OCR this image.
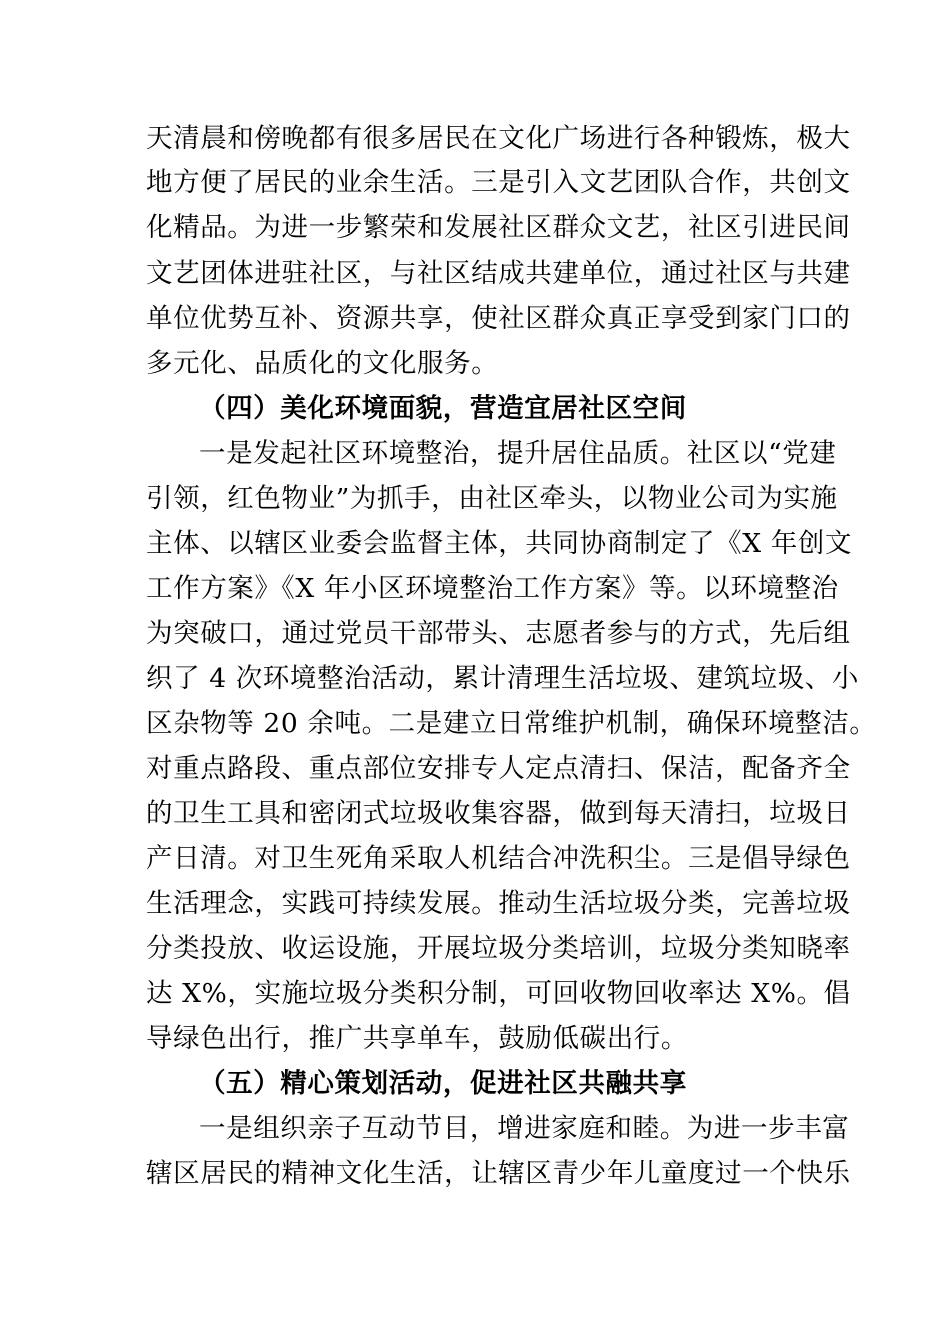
天清晨和傍晚都有很多居民在文化广场进行各种锻炼，极大
地方便了居民的业余生活。三是引入文艺团队合作，共创文
化精品。为进一步繁荣和发展社区群众文艺，社区引进民间
文艺团体进驻社区，与社区结成共建单位，通过社区与共建
单位优势互补、资源共享，使社区群众真正享受到家门口的
多元化、品质化的文化服务。
（四）美化环境面貌，营造宜居社区空间
一是发起社区环境整治，提升居住品质。社区以“党建
引领，红色物业”为抓手，由社区牵头，以物业公司为实施
主体、以辖区业委会监督主体，共同协商制定了《X 年创文
工作方案》《X 年小区环境整治工作方案》等。以环境整治
为突破口，通过党员干部带头、志愿者参与的方式，先后组
织了 4 次环境整治活动，累计清理生活垃圾、建筑垃圾、小
区杂物等 20 余吨。二是建立日常维护机制，确保环境整洁。
对重点路段、重点部位安排专人定点清扫、保洁，配备齐全
的卫生工具和密闭式垃圾收集容器，做到每天清扫，垃圾日
产日清。对卫生死角采取人机结合冲洗积尘。三是倡导绿色
生活理念，实践可持续发展。推动生活垃圾分类，完善垃圾
分类投放、收运设施，开展垃圾分类培训，垃圾分类知晓率
达 X%，实施垃圾分类积分制，可回收物回收率达 X%。倡
导绿色出行，推广共享单车，鼓励低碳出行。
（五）精心策划活动，促进社区共融共享
一是组织亲子互动节目，增进家庭和睦。为进一步丰富
辖区居民的精神文化生活，让辖区青少年儿童度过一个快乐
